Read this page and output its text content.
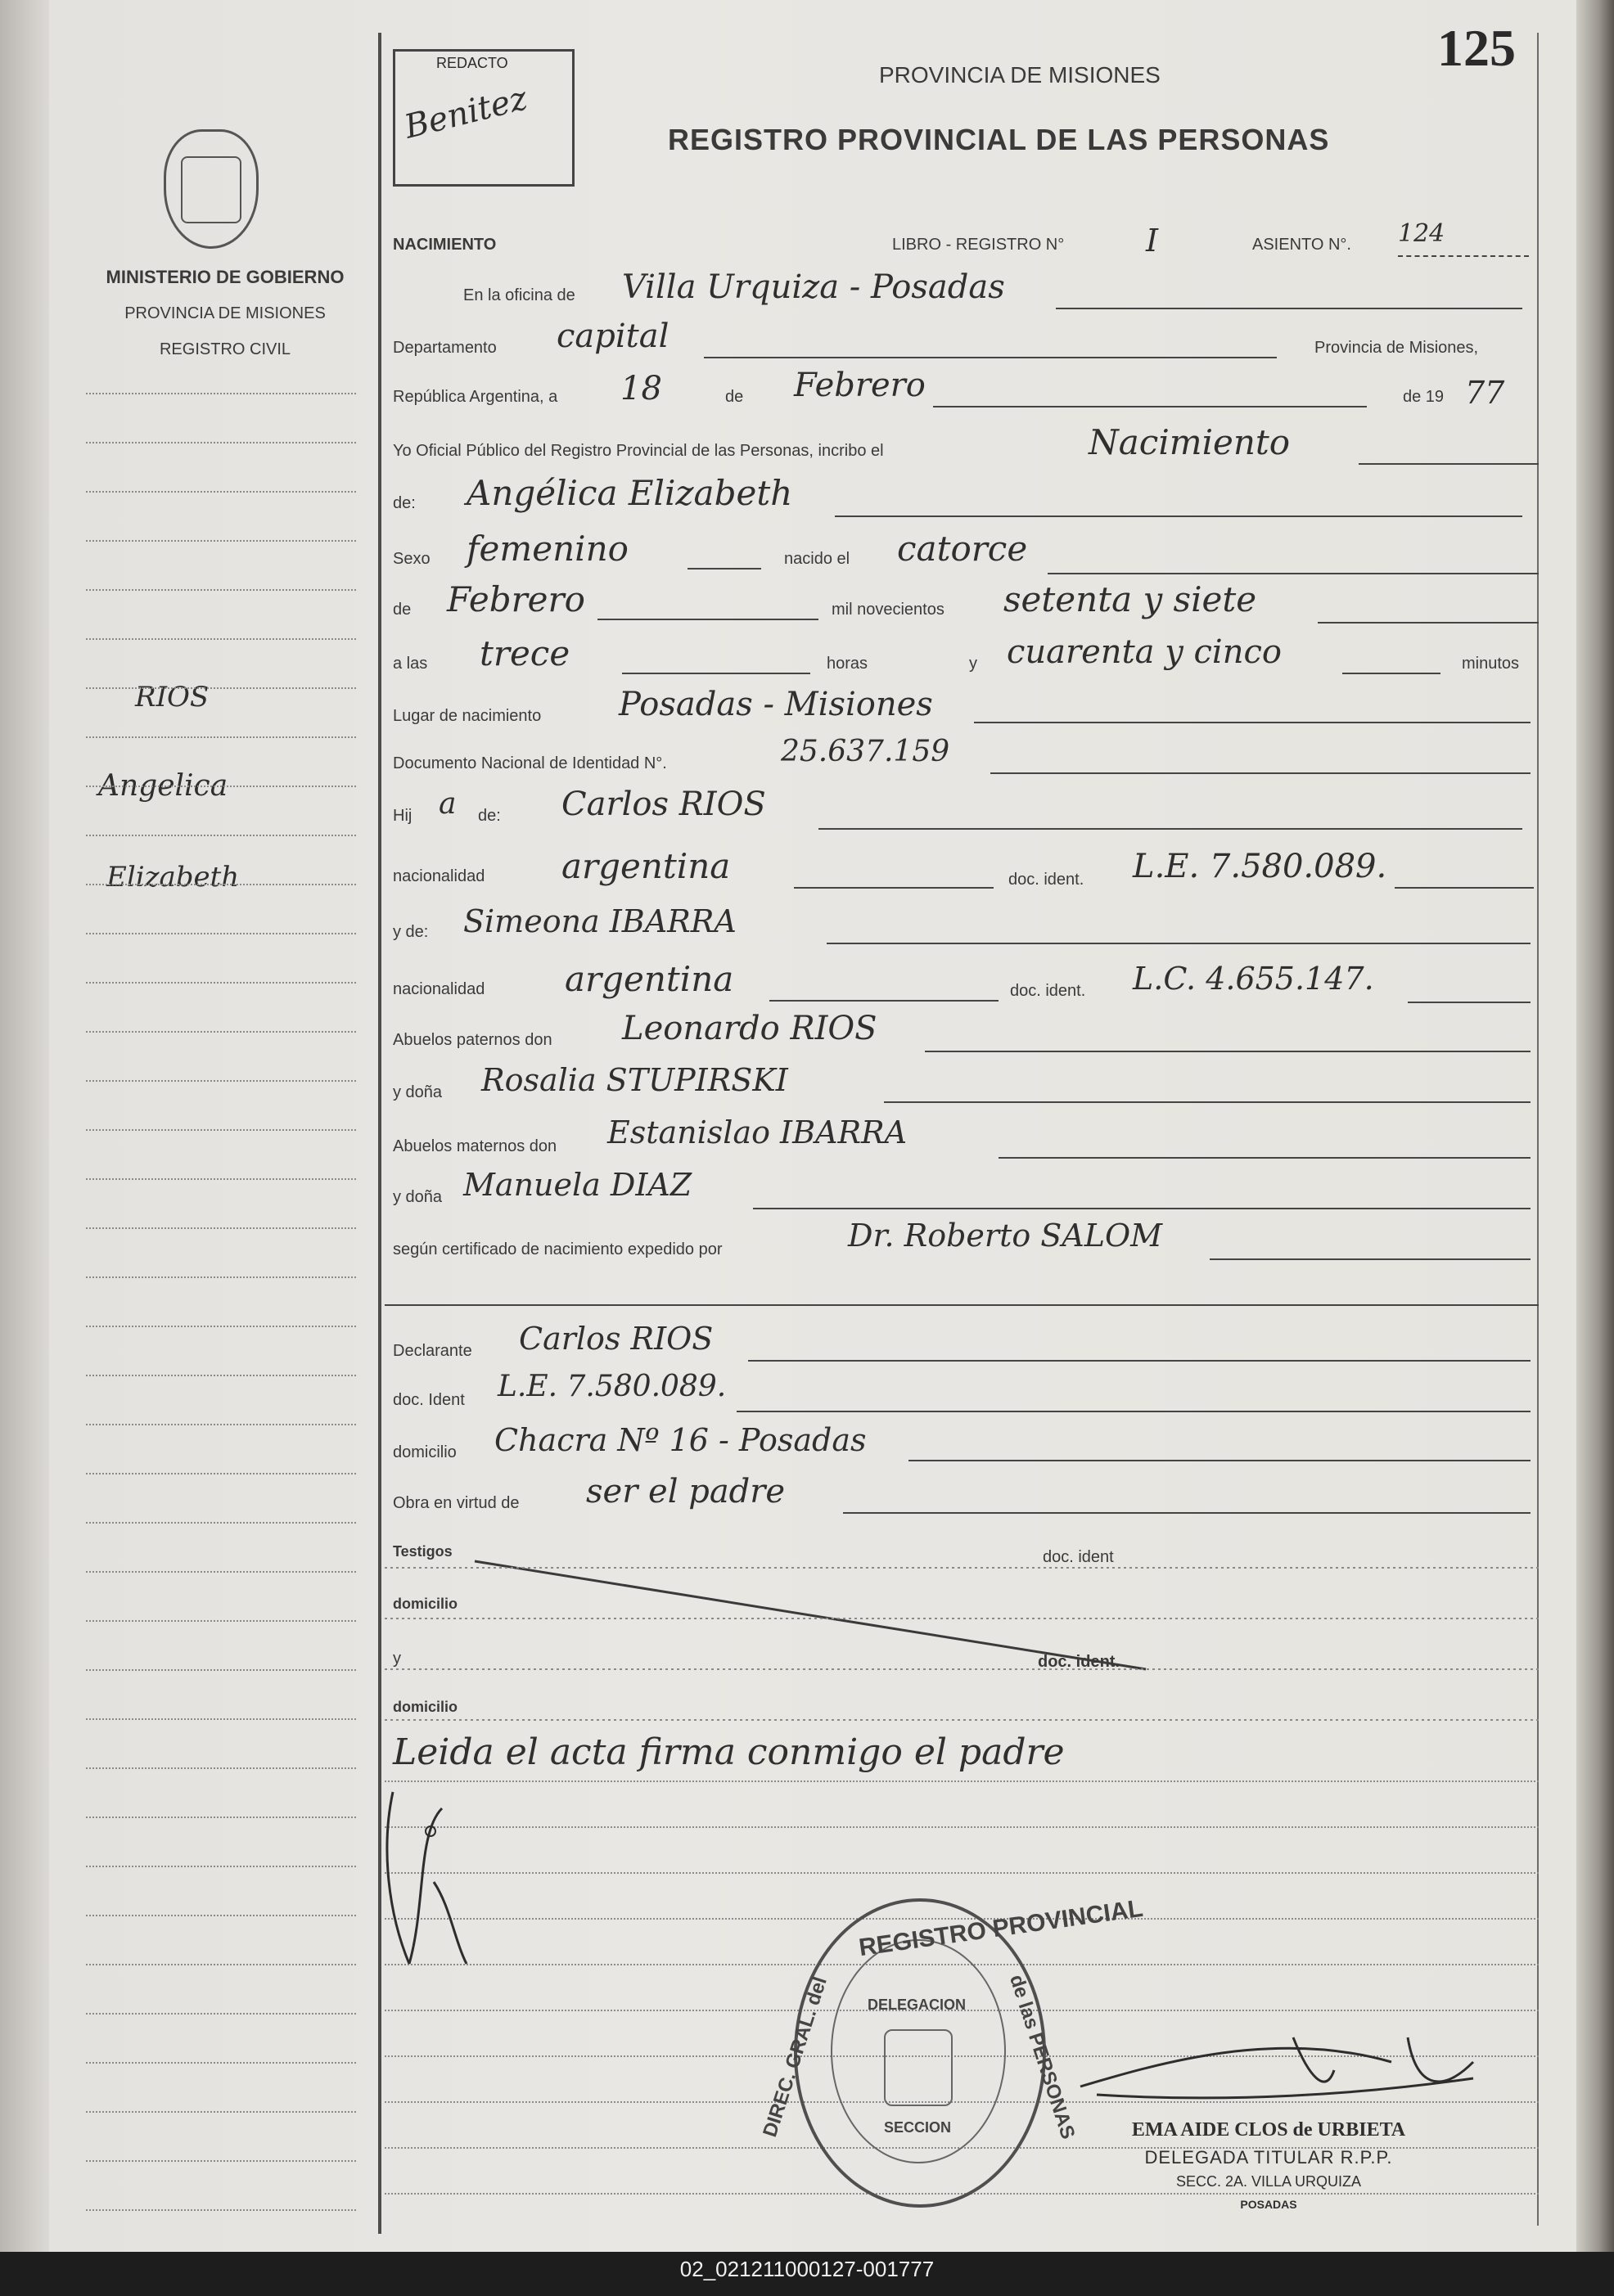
MINISTERIO DE GOBIERNO
PROVINCIA DE MISIONES
REGISTRO CIVIL
RIOS
Angelica
Elizabeth
REDACTO
Benitez
125
PROVINCIA DE MISIONES
REGISTRO PROVINCIAL DE LAS PERSONAS
NACIMIENTO	LIBRO - REGISTRO N°	I	ASIENTO N°. 124
En la oficina de Villa Urquiza - Posadas
Departamento capital	Provincia de Misiones,
República Argentina, a 18	de Febrero	de 19 77
Yo Oficial Público del Registro Provincial de las Personas, incribo el	Nacimiento
de: Angélica Elizabeth
Sexo femenino	nacido el catorce
de Febrero	mil novecientos setenta y siete
a las trece	horas	y cuarenta y cinco	minutos
Lugar de nacimiento Posadas - Misiones
Documento Nacional de Identidad N°.	25.637.159
Hij a de: Carlos RIOS
nacionalidad argentina	doc. ident. L.E. 7.580.089.
y de: Simeona IBARRA
nacionalidad argentina	doc. ident. L.C. 4.655.147.
Abuelos paternos don Leonardo RIOS
y doña Rosalia STUPIRSKI
Abuelos maternos don Estanislao IBARRA
y doña Manuela DIAZ
según certificado de nacimiento expedido por	Dr. Roberto SALOM
Declarante Carlos RIOS
doc. Ident L.E. 7.580.089.
domicilio Chacra Nº 16 - Posadas
Obra en virtud de ser el padre
Testigos	doc. ident
domicilio
y	doc. ident.
domicilio
Leida el acta firma conmigo el padre
REGISTRO PROVINCIAL
DIREC. GRAL. del	de las PERSONAS
DELEGACION
SECCION	EMA AIDE CLOS de URBIETA
DELEGADA TITULAR R.P.P.
SECC. 2A. VILLA URQUIZA
POSADAS
02_021211000127-001777
